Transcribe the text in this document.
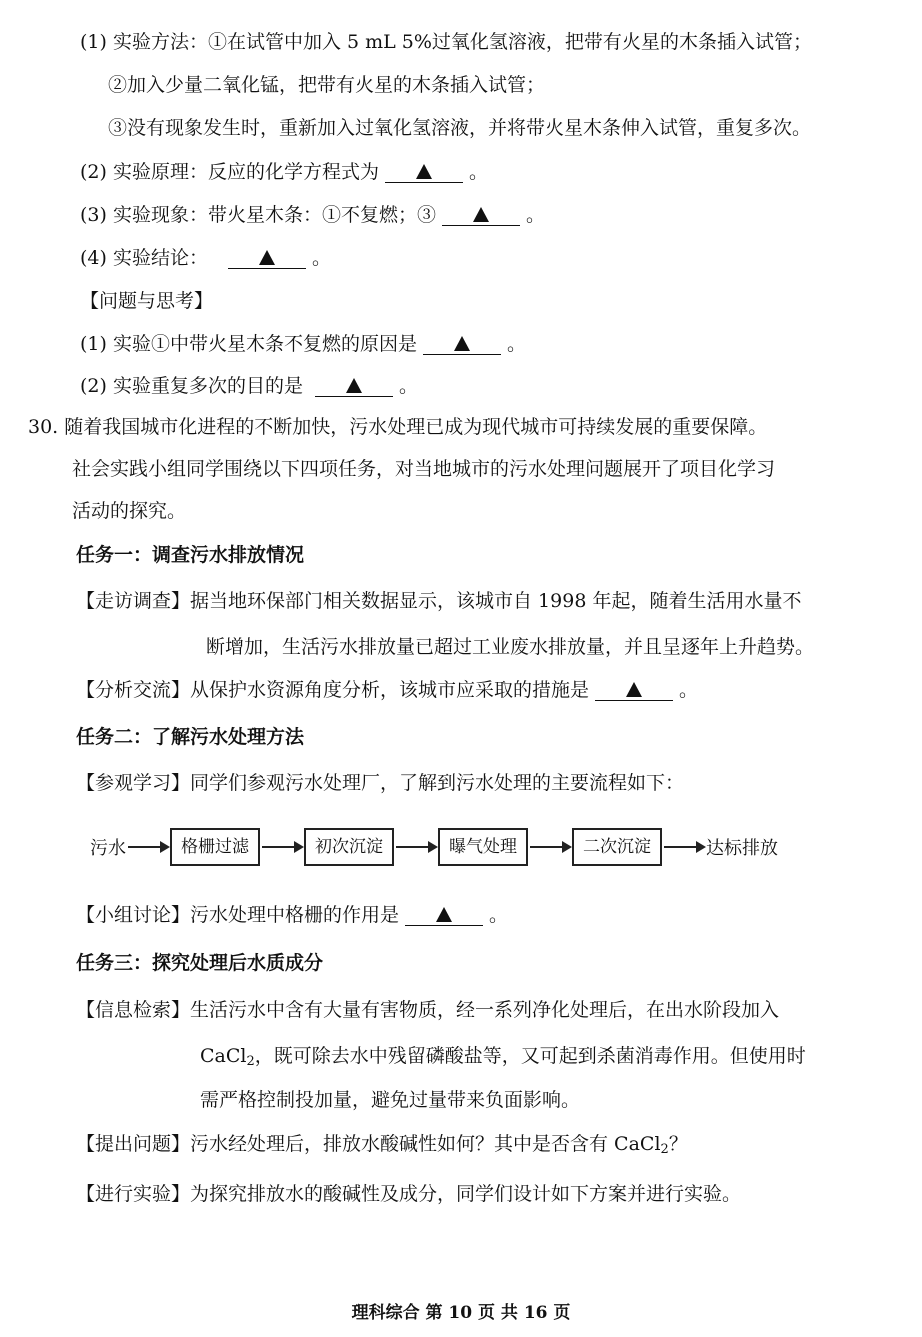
(1) 实验方法：①在试管中加入 5 mL 5%过氧化氢溶液，把带有火星的木条插入试管；
②加入少量二氧化锰，把带有火星的木条插入试管；
③没有现象发生时，重新加入过氧化氢溶液，并将带火星木条伸入试管，重复多次。
(2) 实验原理：反应的化学方程式为	。
(3) 实验现象：带火星木条：①不复燃；③	。
(4) 实验结论：	。
【问题与思考】
(1) 实验①中带火星木条不复燃的原因是	。
(2) 实验重复多次的目的是	。
30. 随着我国城市化进程的不断加快，污水处理已成为现代城市可持续发展的重要保障。
社会实践小组同学围绕以下四项任务，对当地城市的污水处理问题展开了项目化学习
活动的探究。
任务一：调查污水排放情况
【走访调查】据当地环保部门相关数据显示，该城市自 1998 年起，随着生活用水量不
断增加，生活污水排放量已超过工业废水排放量，并且呈逐年上升趋势。
【分析交流】从保护水资源角度分析，该城市应采取的措施是	。
任务二：了解污水处理方法
【参观学习】同学们参观污水处理厂，了解到污水处理的主要流程如下：
污水	格栅过滤	初次沉淀	曝气处理	二次沉淀	达标排放
【小组讨论】污水处理中格栅的作用是	。
任务三：探究处理后水质成分
【信息检索】生活污水中含有大量有害物质，经一系列净化处理后，在出水阶段加入
CaCl$_2$，既可除去水中残留磷酸盐等，又可起到杀菌消毒作用。但使用时
需严格控制投加量，避免过量带来负面影响。
【提出问题】污水经处理后，排放水酸碱性如何？其中是否含有 CaCl$_2$？
【进行实验】为探究排放水的酸碱性及成分，同学们设计如下方案并进行实验。
理科综合 第 10 页 共 16 页
